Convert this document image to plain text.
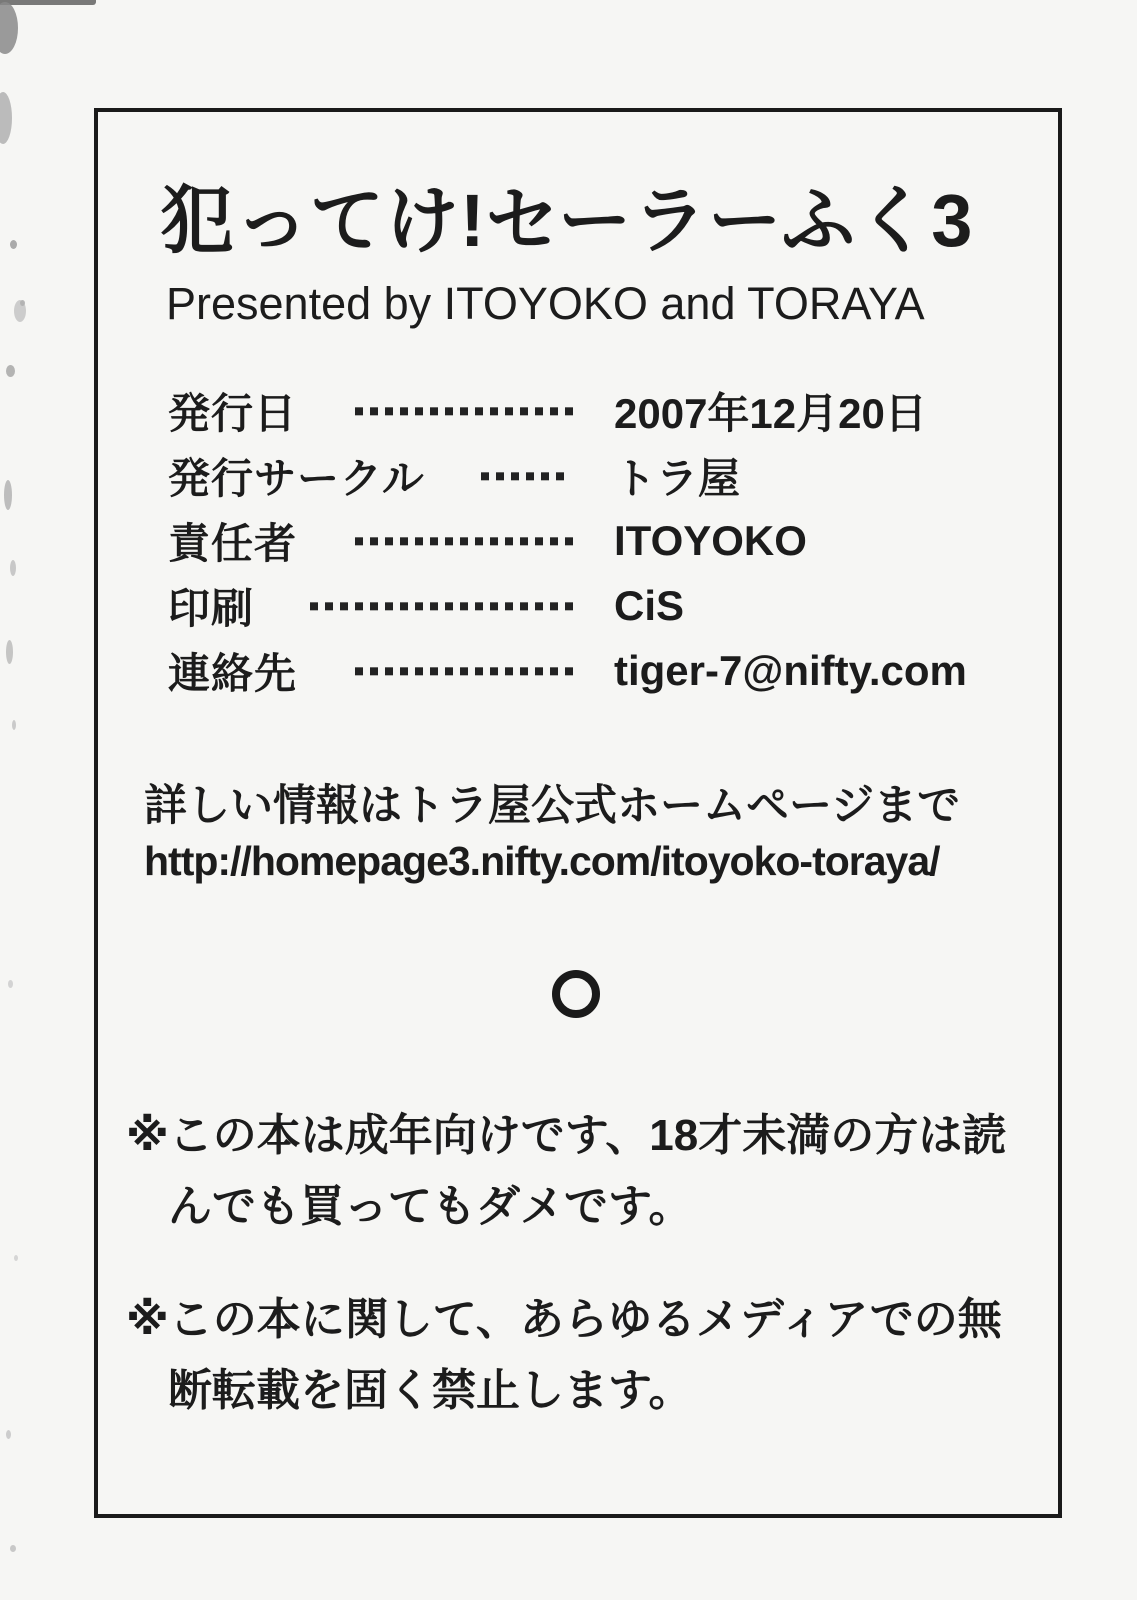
犯ってけ!セーラーふく3
Presented by ITOYOKO and TORAYA
発行日	2007年12月20日
発行サークル	トラ屋
責任者	ITOYOKO
印刷	CiS
連絡先	tiger-7@nifty.com
詳しい情報はトラ屋公式ホームページまで
http://homepage3.nifty.com/itoyoko-toraya/
※この本は成年向けです、18才未満の方は読んでも買ってもダメです。
※この本に関して、あらゆるメディアでの無断転載を固く禁止します。
